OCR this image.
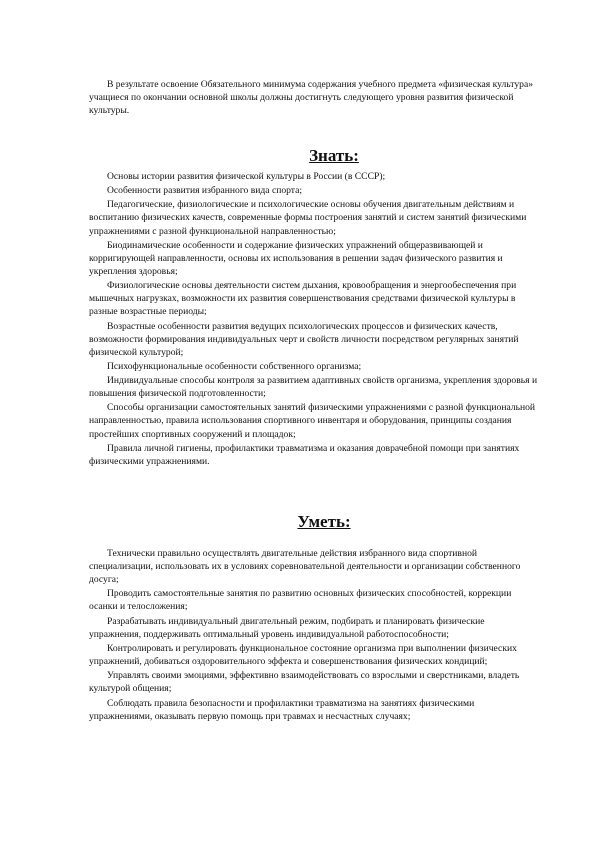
В результате освоение Обязательного минимума содержания учебного предмета «физическая культура» учащиеся по окончании основной школы должны достигнуть следующего уровня развития физической культуры.

Знать:

Основы истории развития физической культуры в России (в СССР);

Особенности развития избранного вида спорта;

Педагогические, физиологические и психологические основы обучения двигательным действиям и воспитанию физических качеств, современные формы построения занятий и систем занятий физическими упражнениями с разной функциональной направленностью;

Биодинамические особенности и содержание физических упражнений общеразвивающей и корригирующей направленности, основы их использования в решении задач физического развития и укрепления здоровья;

Физиологические основы деятельности систем дыхания, кровообращения и энергообеспечения при мышечных нагрузках, возможности их развития совершенствования средствами физической культуры в разные возрастные периоды;

Возрастные особенности развития ведущих психологических процессов и физических качеств, возможности формирования индивидуальных черт и свойств личности посредством регулярных занятий физической культурой;

Психофункциональные особенности собственного организма;

Индивидуальные способы контроля за развитием адаптивных свойств организма, укрепления здоровья и повышения физической подготовленности;

Способы организации самостоятельных занятий физическими упражнениями с разной функциональной направленностью, правила использования спортивного инвентаря и оборудования, принципы создания простейших спортивных сооружений и площадок;

Правила личной гигиены, профилактики травматизма и оказания доврачебной помощи при занятиях физическими упражнениями.

Уметь:

Технически правильно осуществлять двигательные действия избранного вида спортивной специализации, использовать их в условиях соревновательной деятельности и организации собственного досуга;

Проводить самостоятельные занятия по развитию основных физических способностей, коррекции осанки и телосложения;

Разрабатывать индивидуальный двигательный режим, подбирать и планировать физические упражнения, поддерживать оптимальный уровень индивидуальной работоспособности;

Контролировать и регулировать функциональное состояние организма при выполнении физических упражнений, добиваться оздоровительного эффекта и совершенствования физических кондиций;

Управлять своими эмоциями, эффективно взаимодействовать со взрослыми и сверстниками, владеть культурой общения;

Соблюдать правила безопасности и профилактики травматизма на занятиях физическими упражнениями, оказывать первую помощь при травмах и несчастных случаях;
